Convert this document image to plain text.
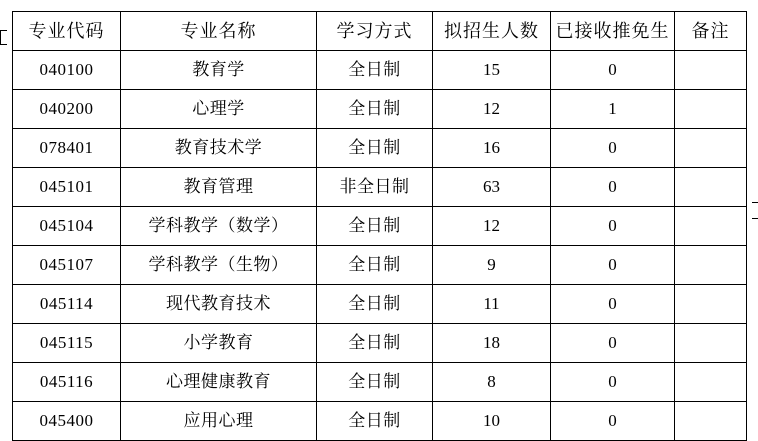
专业代码	专业名称	学习方式	拟招生人数	已接收推免生	备注
040100	教育学	全日制	15	0	
040200	心理学	全日制	12	1	
078401	教育技术学	全日制	16	0	
045101	教育管理	非全日制	63	0	
045104	学科教学（数学）	全日制	12	0	
045107	学科教学（生物）	全日制	9	0	
045114	现代教育技术	全日制	11	0	
045115	小学教育	全日制	18	0	
045116	心理健康教育	全日制	8	0	
045400	应用心理	全日制	10	0	
